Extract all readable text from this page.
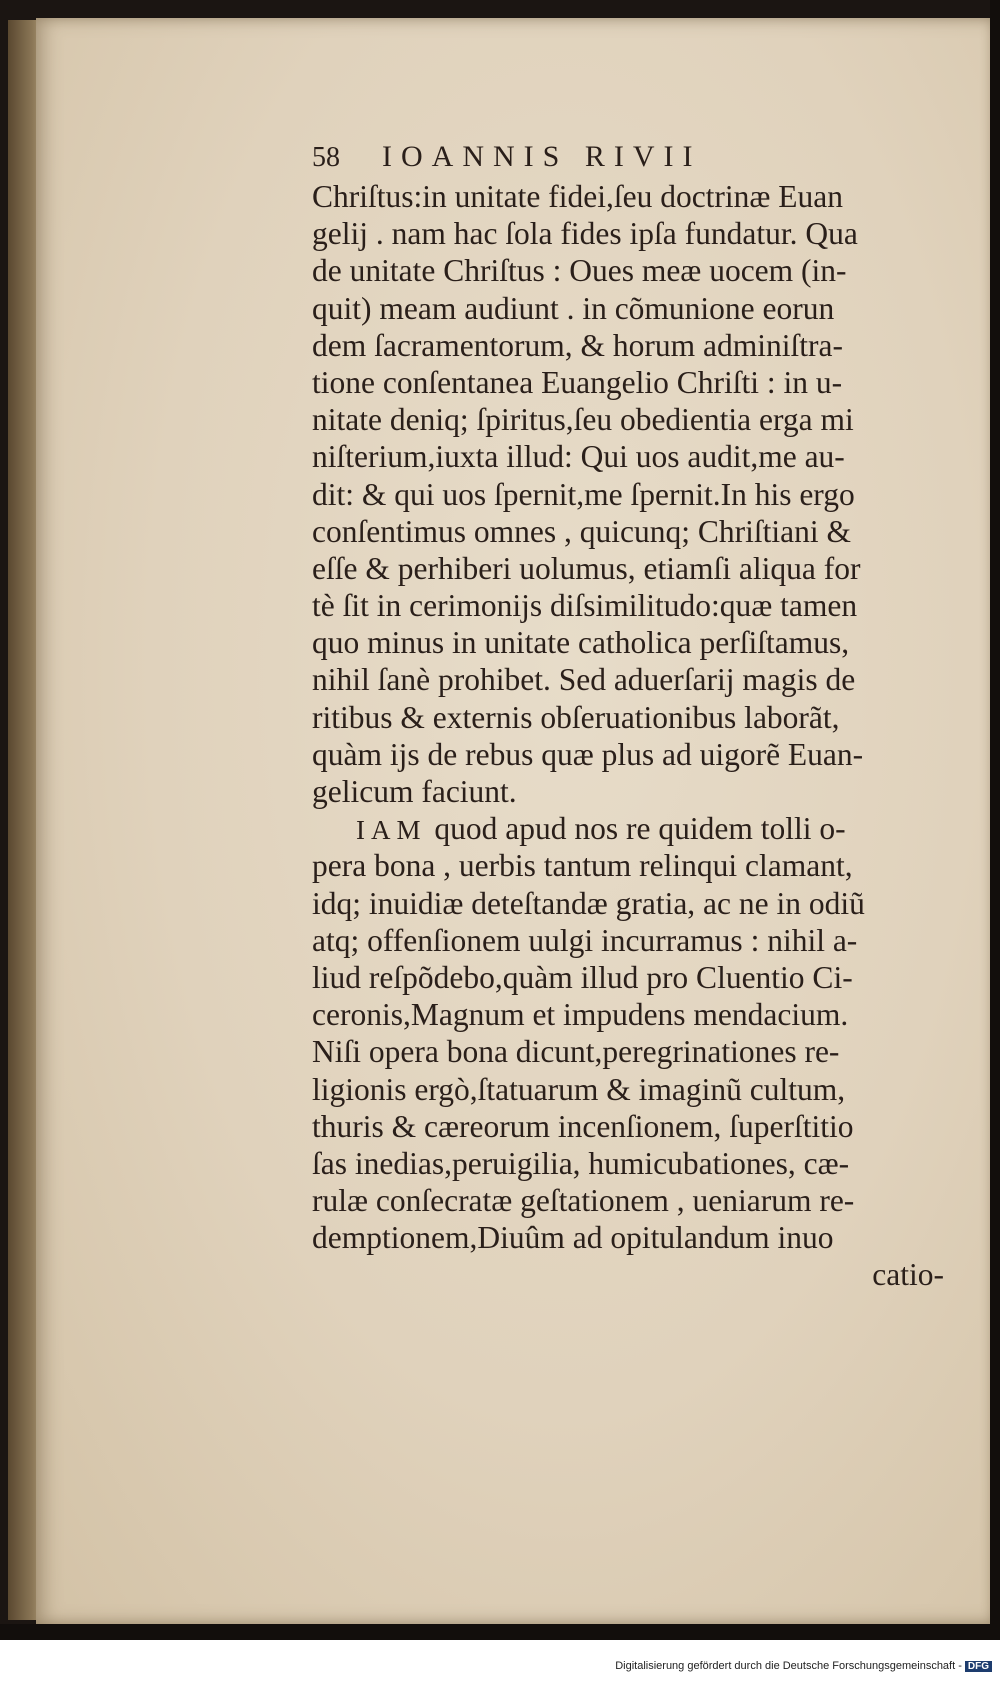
58	IOANNIS RIVII
Chriſtus:in unitate fidei,ſeu doctrinæ Euan
gelij . nam hac ſola fides ipſa fundatur. Qua
de unitate Chriſtus : Oues meæ uocem (in-
quit) meam audiunt . in cõmunione eorun
dem ſacramentorum, & horum adminiſtra-
tione conſentanea Euangelio Chriſti : in u-
nitate deniq; ſpiritus,ſeu obedientia erga mi
niſterium,iuxta illud: Qui uos audit,me au-
dit: & qui uos ſpernit,me ſpernit.In his ergo
conſentimus omnes , quicunq; Chriſtiani &
eſſe & perhiberi uolumus, etiamſi aliqua for
tè ſit in cerimonijs diſsimilitudo:quæ tamen
quo minus in unitate catholica perſiſtamus,
nihil ſanè prohibet. Sed aduerſarij magis de
ritibus & externis obſeruationibus laborãt,
quàm ijs de rebus quæ plus ad uigorẽ Euan-
gelicum faciunt.
IAM quod apud nos re quidem tolli o-
pera bona , uerbis tantum relinqui clamant,
idq; inuidiæ deteſtandæ gratia, ac ne in odiũ
atq; offenſionem uulgi incurramus : nihil a-
liud reſpõdebo,quàm illud pro Cluentio Ci-
ceronis,Magnum et impudens mendacium.
Niſi opera bona dicunt,peregrinationes re-
ligionis ergò,ſtatuarum & imaginũ cultum,
thuris & cæreorum incenſionem, ſuperſtitio
ſas inedias,peruigilia, humicubationes, cæ-
rulæ conſecratæ geſtationem , ueniarum re-
demptionem,Diuûm ad opitulandum inuo
catio-
Digitalisierung gefördert durch die Deutsche Forschungsgemeinschaft - DFG
